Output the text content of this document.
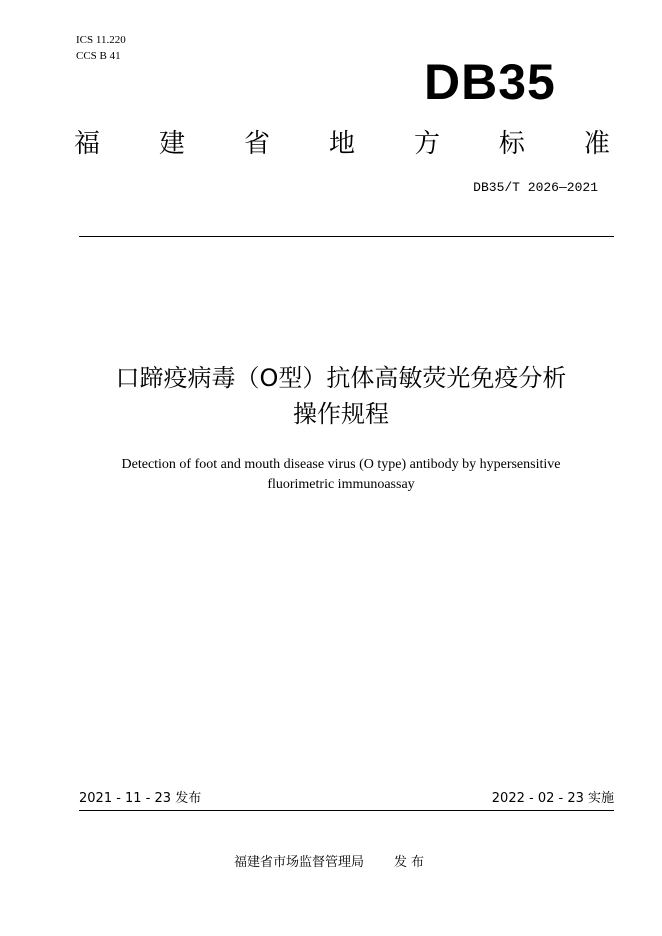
ICS 11.220
CCS B 41	DB35
福 建 省 地 方 标 准
DB35/T 2026—2021
口蹄疫病毒（O型）抗体高敏荧光免疫分析
操作规程
Detection of foot and mouth disease virus (O type) antibody by hypersensitive
fluorimetric immunoassay
2021 - 11 - 23 发布	2022 - 02 - 23 实施
福建省市场监督管理局 发布
